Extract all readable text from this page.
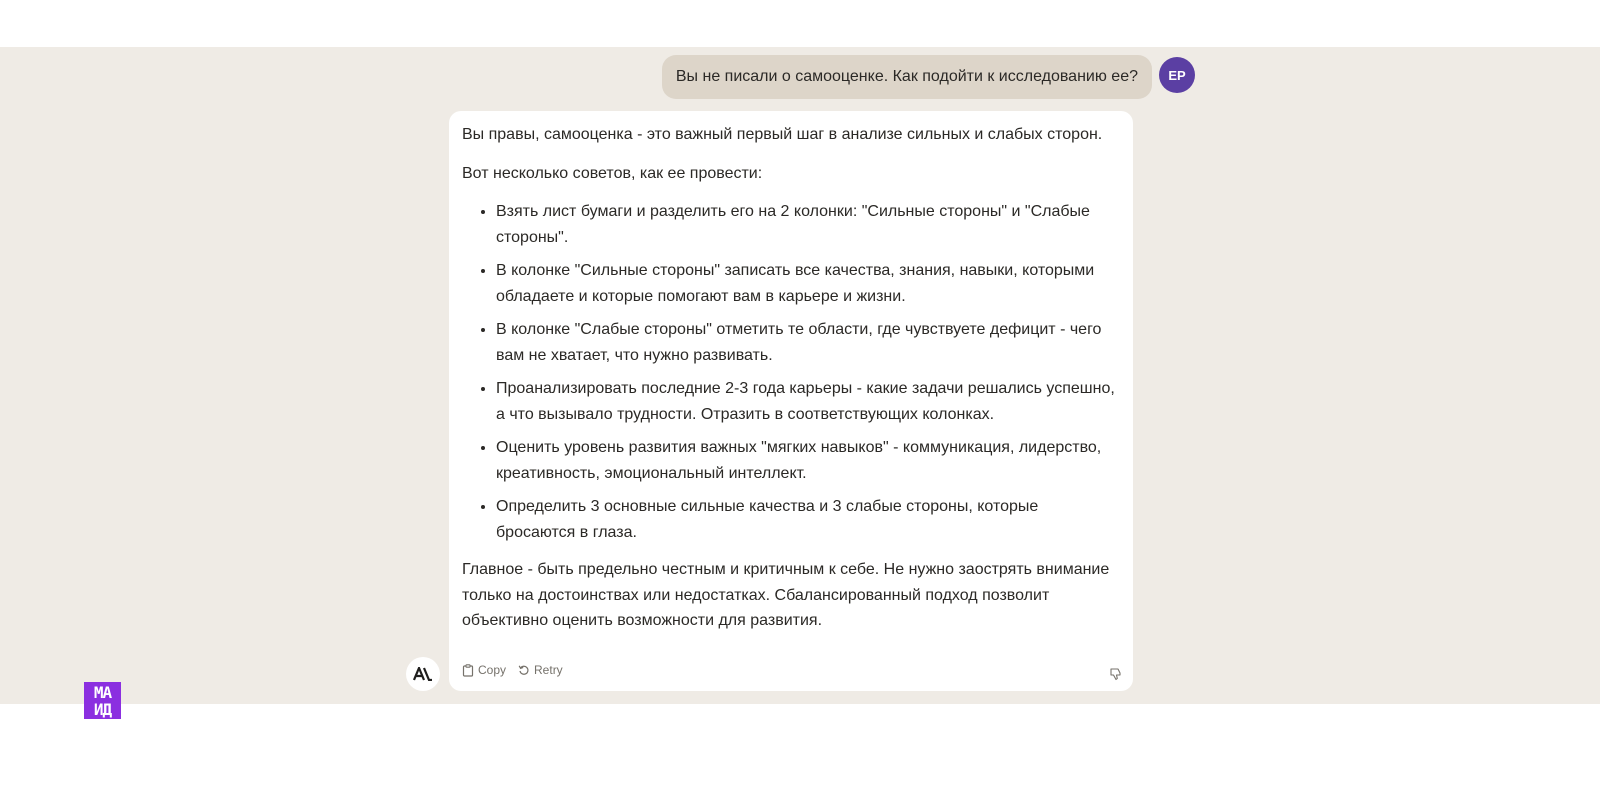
Вы не писали о самооценке. Как подойти к исследованию ее? EP

Вы правы, самооценка - это важный первый шаг в анализе сильных и слабых сторон.

Вот несколько советов, как ее провести:

• Взять лист бумаги и разделить его на 2 колонки: "Сильные стороны" и "Слабые стороны".
• В колонке "Сильные стороны" записать все качества, знания, навыки, которыми обладаете и которые помогают вам в карьере и жизни.
• В колонке "Слабые стороны" отметить те области, где чувствуете дефицит - чего вам не хватает, что нужно развивать.
• Проанализировать последние 2-3 года карьеры - какие задачи решались успешно, а что вызывало трудности. Отразить в соответствующих колонках.
• Оценить уровень развития важных "мягких навыков" - коммуникация, лидерство, креативность, эмоциональный интеллект.
• Определить 3 основные сильные качества и 3 слабые стороны, которые бросаются в глаза.

Главное - быть предельно честным и критичным к себе. Не нужно заострять внимание только на достоинствах или недостатках. Сбалансированный подход позволит объективно оценить возможности для развития.

Copy Retry
МА
ИД
